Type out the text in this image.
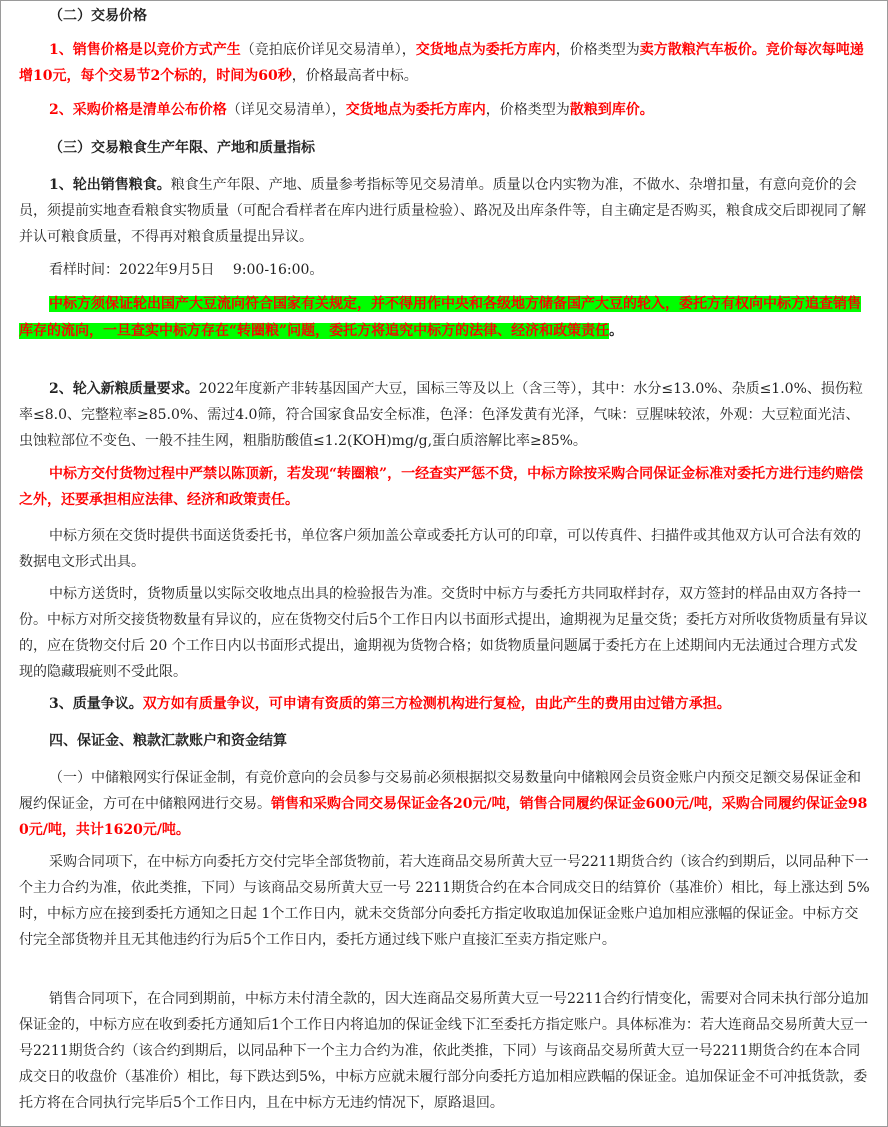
（二）交易价格

1、销售价格是以竞价方式产生（竞拍底价详见交易清单），交货地点为委托方库内，价格类型为卖方散粮汽车板价。竞价每次每吨递增10元，每个交易节2个标的，时间为60秒，价格最高者中标。

2、采购价格是清单公布价格（详见交易清单），交货地点为委托方库内，价格类型为散粮到库价。

（三）交易粮食生产年限、产地和质量指标

1、轮出销售粮食。粮食生产年限、产地、质量参考指标等见交易清单。质量以仓内实物为准，不做水、杂增扣量，有意向竞价的会员，须提前实地查看粮食实物质量（可配合看样者在库内进行质量检验）、路况及出库条件等，自主确定是否购买，粮食成交后即视同了解并认可粮食质量，不得再对粮食质量提出异议。

看样时间：2022年9月5日　 9:00-16:00。

中标方须保证轮出国产大豆流向符合国家有关规定，并不得用作中央和各级地方储备国产大豆的轮入，委托方有权向中标方追查销售库存的流向，一旦查实中标方存在“转圈粮”问题，委托方将追究中标方的法律、经济和政策责任。

2、轮入新粮质量要求。2022年度新产非转基因国产大豆，国标三等及以上（含三等），其中：水分≤13.0%、杂质≤1.0%、损伤粒率≤8.0、完整粒率≥85.0%、需过4.0筛，符合国家食品安全标准，色泽：色泽发黄有光泽，气味：豆腥味较浓，外观：大豆粒面光洁、虫蚀粒部位不变色、一般不挂生网，粗脂肪酸值≤1.2(KOH)mg/g,蛋白质溶解比率≥85%。

中标方交付货物过程中严禁以陈顶新，若发现“转圈粮”，一经查实严惩不贷，中标方除按采购合同保证金标准对委托方进行违约赔偿之外，还要承担相应法律、经济和政策责任。

中标方须在交货时提供书面送货委托书，单位客户须加盖公章或委托方认可的印章，可以传真件、扫描件或其他双方认可合法有效的数据电文形式出具。

中标方送货时，货物质量以实际交收地点出具的检验报告为准。交货时中标方与委托方共同取样封存，双方签封的样品由双方各持一份。中标方对所交接货物数量有异议的，应在货物交付后5个工作日内以书面形式提出，逾期视为足量交货；委托方对所收货物质量有异议的，应在货物交付后 20 个工作日内以书面形式提出，逾期视为货物合格；如货物质量问题属于委托方在上述期间内无法通过合理方式发现的隐藏瑕疵则不受此限。

3、质量争议。双方如有质量争议，可申请有资质的第三方检测机构进行复检，由此产生的费用由过错方承担。

四、保证金、粮款汇款账户和资金结算

（一）中储粮网实行保证金制，有竞价意向的会员参与交易前必须根据拟交易数量向中储粮网会员资金账户内预交足额交易保证金和履约保证金，方可在中储粮网进行交易。销售和采购合同交易保证金各20元/吨，销售合同履约保证金600元/吨，采购合同履约保证金980元/吨，共计1620元/吨。

采购合同项下，在中标方向委托方交付完毕全部货物前，若大连商品交易所黄大豆一号2211期货合约（该合约到期后，以同品种下一个主力合约为准，依此类推，下同）与该商品交易所黄大豆一号 2211期货合约在本合同成交日的结算价（基准价）相比，每上涨达到 5%时，中标方应在接到委托方通知之日起 1个工作日内，就未交货部分向委托方指定收取追加保证金账户追加相应涨幅的保证金。中标方交付完全部货物并且无其他违约行为后5个工作日内，委托方通过线下账户直接汇至卖方指定账户。

销售合同项下，在合同到期前，中标方未付清全款的，因大连商品交易所黄大豆一号2211合约行情变化，需要对合同未执行部分追加保证金的，中标方应在收到委托方通知后1个工作日内将追加的保证金线下汇至委托方指定账户。具体标准为：若大连商品交易所黄大豆一号2211期货合约（该合约到期后，以同品种下一个主力合约为准，依此类推，下同）与该商品交易所黄大豆一号2211期货合约在本合同成交日的收盘价（基准价）相比，每下跌达到5%，中标方应就未履行部分向委托方追加相应跌幅的保证金。追加保证金不可冲抵货款，委托方将在合同执行完毕后5个工作日内，且在中标方无违约情况下，原路退回。
